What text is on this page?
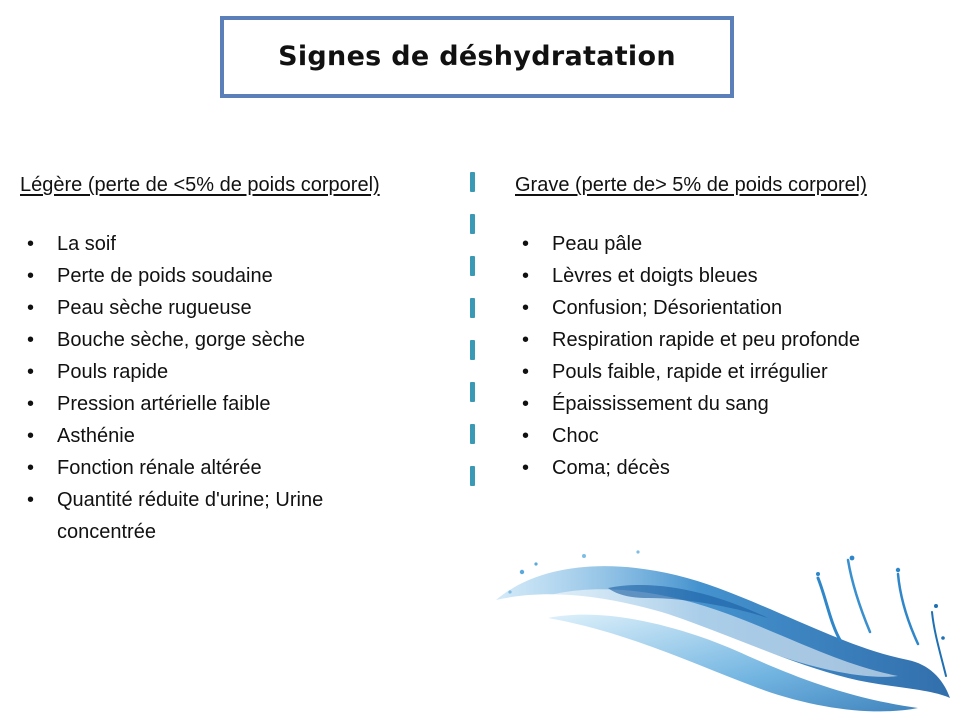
Signes de déshydratation

Légère (perte de <5% de poids corporel)

• La soif
• Perte de poids soudaine
• Peau sèche rugueuse
• Bouche sèche, gorge sèche
• Pouls rapide
• Pression artérielle faible
• Asthénie
• Fonction rénale altérée
• Quantité réduite d'urine; Urine
concentrée

Grave (perte de> 5% de poids corporel)

• Peau pâle
• Lèvres et doigts bleues
• Confusion; Désorientation
• Respiration rapide et peu profonde
• Pouls faible, rapide et irrégulier
• Épaississement du sang
• Choc
• Coma; décès
